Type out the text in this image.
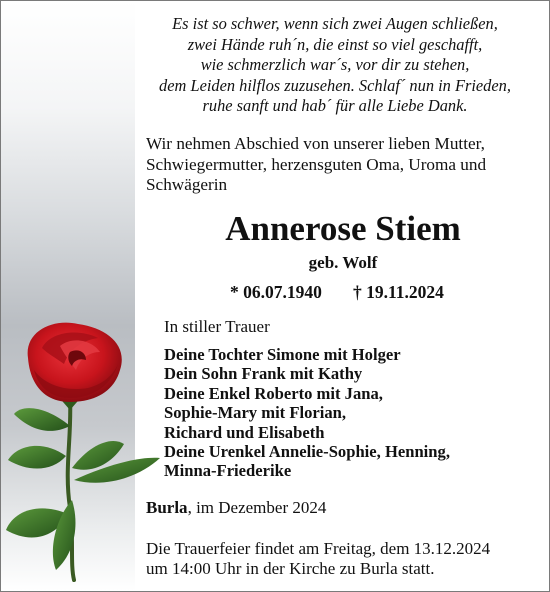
Es ist so schwer, wenn sich zwei Augen schließen,
zwei Hände ruh´n, die einst so viel geschafft,
wie schmerzlich war´s, vor dir zu stehen,
dem Leiden hilflos zuzusehen. Schlaf´ nun in Frieden,
ruhe sanft und hab´ für alle Liebe Dank.
Wir nehmen Abschied von unserer lieben Mutter,
Schwiegermutter, herzensguten Oma, Uroma und
Schwägerin
Annerose Stiem
geb. Wolf
* 06.07.1940 † 19.11.2024
In stiller Trauer
Deine Tochter Simone mit Holger
Dein Sohn Frank mit Kathy
Deine Enkel Roberto mit Jana,
Sophie-Mary mit Florian,
Richard und Elisabeth
Deine Urenkel Annelie-Sophie, Henning,
Minna-Friederike
Burla, im Dezember 2024
Die Trauerfeier findet am Freitag, dem 13.12.2024
um 14:00 Uhr in der Kirche zu Burla statt.
